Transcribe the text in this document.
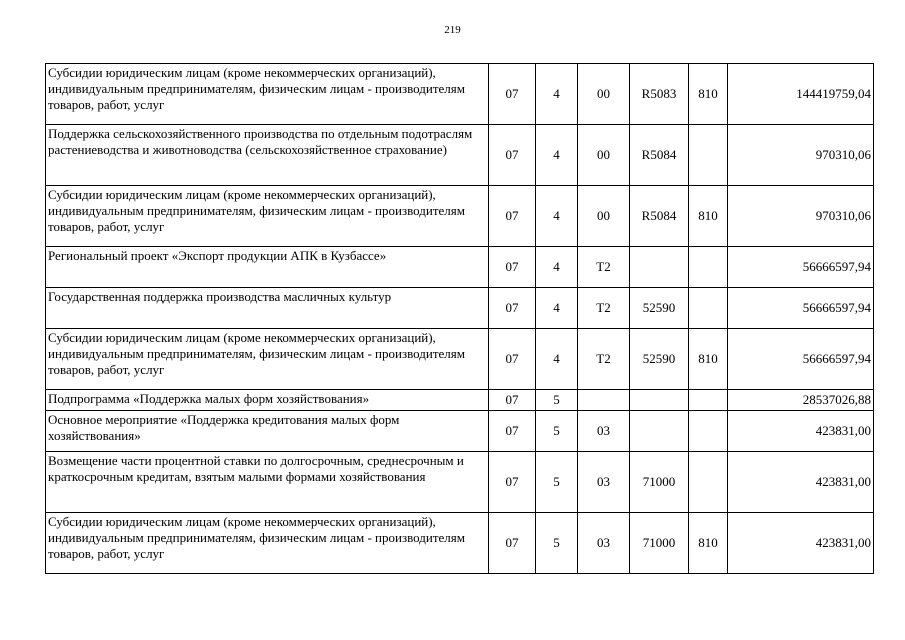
219
Субсидии юридическим лицам (кроме некоммерческих организаций), индивидуальным предпринимателям, физическим лицам - производителям товаров, работ, услуг	07	4	00	R5083	810	144419759,04
Поддержка сельскохозяйственного производства по отдельным подотраслям растениеводства и животноводства (сельскохозяйственное страхование)	07	4	00	R5084		970310,06
Субсидии юридическим лицам (кроме некоммерческих организаций), индивидуальным предпринимателям, физическим лицам - производителям товаров, работ, услуг	07	4	00	R5084	810	970310,06
Региональный проект «Экспорт продукции АПК в Кузбассе»	07	4	T2			56666597,94
Государственная поддержка производства масличных культур	07	4	T2	52590		56666597,94
Субсидии юридическим лицам (кроме некоммерческих организаций), индивидуальным предпринимателям, физическим лицам - производителям товаров, работ, услуг	07	4	T2	52590	810	56666597,94
Подпрограмма «Поддержка малых форм хозяйствования»	07	5				28537026,88
Основное мероприятие «Поддержка кредитования малых форм хозяйствования»	07	5	03			423831,00
Возмещение части процентной ставки по долгосрочным, среднесрочным и краткосрочным кредитам, взятым малыми формами хозяйствования	07	5	03	71000		423831,00
Субсидии юридическим лицам (кроме некоммерческих организаций), индивидуальным предпринимателям, физическим лицам - производителям товаров, работ, услуг	07	5	03	71000	810	423831,00
